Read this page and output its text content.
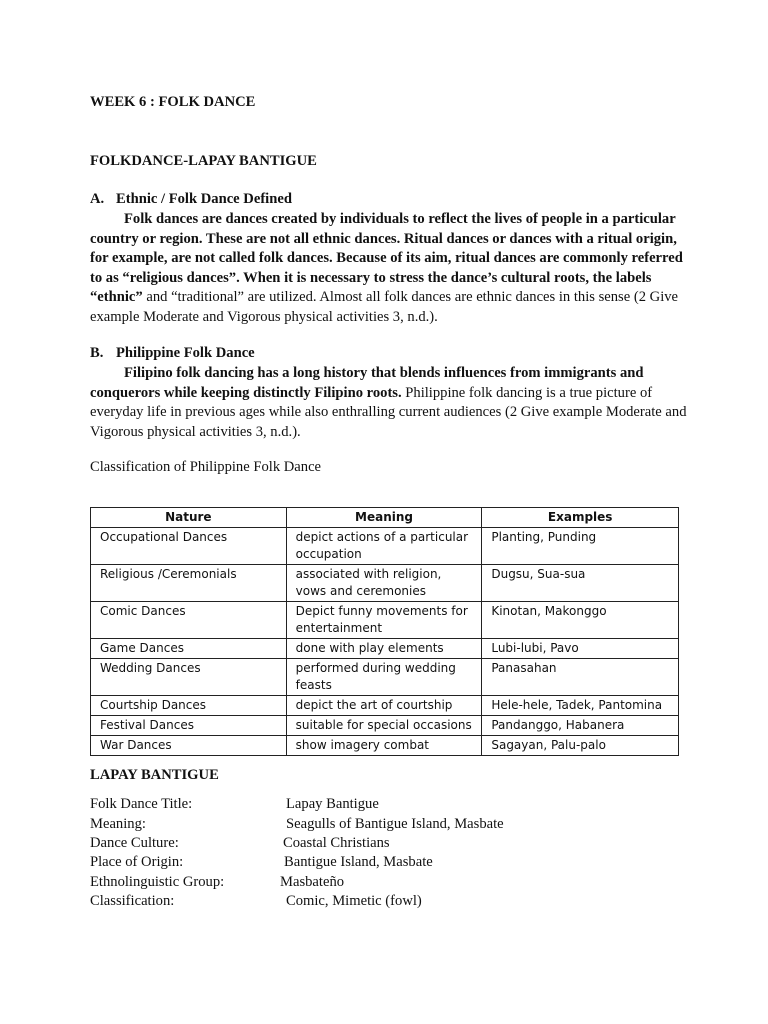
WEEK 6 : FOLK DANCE

FOLKDANCE-LAPAY BANTIGUE

A. Ethnic / Folk Dance Defined

Folk dances are dances created by individuals to reflect the lives of people in a particular country or region. These are not all ethnic dances. Ritual dances or dances with a ritual origin, for example, are not called folk dances. Because of its aim, ritual dances are commonly referred to as “religious dances”. When it is necessary to stress the dance’s cultural roots, the labels “ethnic” and “traditional” are utilized. Almost all folk dances are ethnic dances in this sense (2 Give example Moderate and Vigorous physical activities 3, n.d.).

B. Philippine Folk Dance

Filipino folk dancing has a long history that blends influences from immigrants and conquerors while keeping distinctly Filipino roots. Philippine folk dancing is a true picture of everyday life in previous ages while also enthralling current audiences (2 Give example Moderate and Vigorous physical activities 3, n.d.).

Classification of Philippine Folk Dance

Nature	Meaning	Examples
Occupational Dances	depict actions of a particular occupation	Planting, Punding
Religious /Ceremonials	associated with religion, vows and ceremonies	Dugsu, Sua-sua
Comic Dances	Depict funny movements for entertainment	Kinotan, Makonggo
Game Dances	done with play elements	Lubi-lubi, Pavo
Wedding Dances	performed during wedding feasts	Panasahan
Courtship Dances	depict the art of courtship	Hele-hele, Tadek, Pantomina
Festival Dances	suitable for special occasions	Pandanggo, Habanera
War Dances	show imagery combat	Sagayan, Palu-palo

LAPAY BANTIGUE

Folk Dance Title:	Lapay Bantigue
Meaning:	Seagulls of Bantigue Island, Masbate
Dance Culture:	Coastal Christians
Place of Origin:	Bantigue Island, Masbate
Ethnolinguistic Group:	Masbateño
Classification:	Comic, Mimetic (fowl)
